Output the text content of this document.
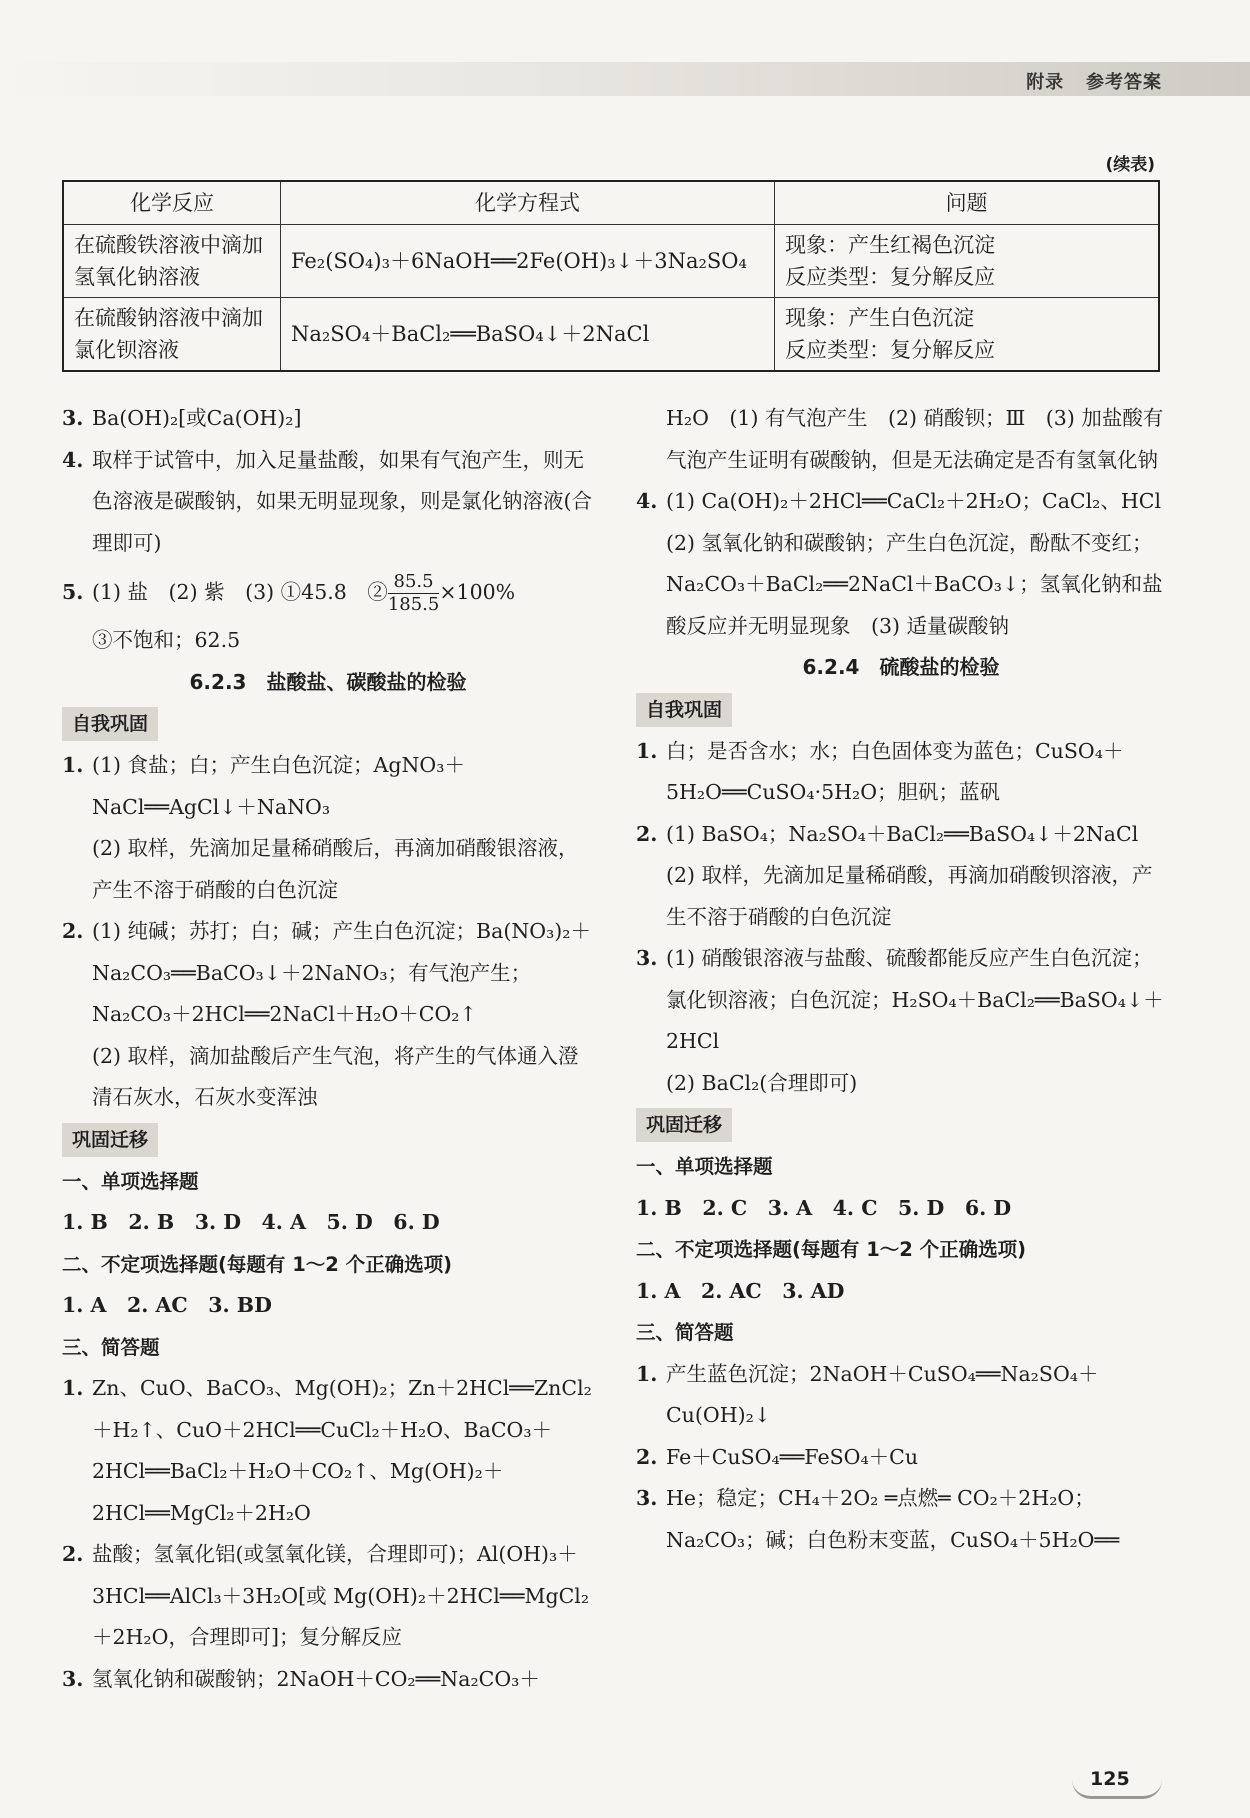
附录 参考答案
(续表)
化学反应	化学方程式	问题
在硫酸铁溶液中滴加氢氧化钠溶液	Fe₂(SO₄)₃＋6NaOH══2Fe(OH)₃↓＋3Na₂SO₄	现象：产生红褐色沉淀
反应类型：复分解反应

在硫酸钠溶液中滴加氯化钡溶液	Na₂SO₄＋BaCl₂══BaSO₄↓＋2NaCl	现象：产生白色沉淀
反应类型：复分解反应

3. Ba(OH)₂[或Ca(OH)₂]

4. 取样于试管中，加入足量盐酸，如果有气泡产生，则无色溶液是碳酸钠，如果无明显现象，则是氯化钠溶液(合理即可)

5. (1) 盐　(2) 紫　(3) ①45.8　② $\frac{85.5}{185.5} \times 100\%$

③不饱和；62.5

6.2.3　盐酸盐、碳酸盐的检验

自我巩固

1. (1) 食盐；白；产生白色沉淀；AgNO₃＋NaCl══AgCl↓＋NaNO₃

(2) 取样，先滴加足量稀硝酸后，再滴加硝酸银溶液，产生不溶于硝酸的白色沉淀

2. (1) 纯碱；苏打；白；碱；产生白色沉淀；Ba(NO₃)₂＋Na₂CO₃══BaCO₃↓＋2NaNO₃；有气泡产生；Na₂CO₃＋2HCl══2NaCl＋H₂O＋CO₂↑

(2) 取样，滴加盐酸后产生气泡，将产生的气体通入澄清石灰水，石灰水变浑浊

巩固迁移

一、单项选择题

1. B　2. B　3. D　4. A　5. D　6. D

二、不定项选择题(每题有 1～2 个正确选项)

1. A　2. AC　3. BD

三、简答题

1. Zn、CuO、BaCO₃、Mg(OH)₂；Zn＋2HCl══ZnCl₂＋H₂↑、CuO＋2HCl══CuCl₂＋H₂O、BaCO₃＋2HCl══BaCl₂＋H₂O＋CO₂↑、Mg(OH)₂＋2HCl══MgCl₂＋2H₂O

2. 盐酸；氢氧化铝(或氢氧化镁，合理即可)；Al(OH)₃＋3HCl══AlCl₃＋3H₂O[或 Mg(OH)₂＋2HCl══MgCl₂＋2H₂O，合理即可]；复分解反应

3. 氢氧化钠和碳酸钠；2NaOH＋CO₂══Na₂CO₃＋

H₂O　(1) 有气泡产生　(2) 硝酸钡；Ⅲ　(3) 加盐酸有气泡产生证明有碳酸钠，但是无法确定是否有氢氧化钠

4. (1) Ca(OH)₂＋2HCl══CaCl₂＋2H₂O；CaCl₂、HCl　(2) 氢氧化钠和碳酸钠；产生白色沉淀，酚酞不变红；Na₂CO₃＋BaCl₂══2NaCl＋BaCO₃↓；氢氧化钠和盐酸反应并无明显现象　(3) 适量碳酸钠

6.2.4　硫酸盐的检验

自我巩固

1. 白；是否含水；水；白色固体变为蓝色；CuSO₄＋5H₂O══CuSO₄·5H₂O；胆矾；蓝矾

2. (1) BaSO₄；Na₂SO₄＋BaCl₂══BaSO₄↓＋2NaCl

(2) 取样，先滴加足量稀硝酸，再滴加硝酸钡溶液，产生不溶于硝酸的白色沉淀

3. (1) 硝酸银溶液与盐酸、硫酸都能反应产生白色沉淀；氯化钡溶液；白色沉淀；H₂SO₄＋BaCl₂══BaSO₄↓＋2HCl

(2) BaCl₂(合理即可)

巩固迁移

一、单项选择题

1. B　2. C　3. A　4. C　5. D　6. D

二、不定项选择题(每题有 1～2 个正确选项)

1. A　2. AC　3. AD

三、简答题

1. 产生蓝色沉淀；2NaOH＋CuSO₄══Na₂SO₄＋Cu(OH)₂↓

2. Fe＋CuSO₄══FeSO₄＋Cu

3. He；稳定；CH₄＋2O₂ ═点燃═ CO₂＋2H₂O；Na₂CO₃；碱；白色粉末变蓝，CuSO₄＋5H₂O══

125
